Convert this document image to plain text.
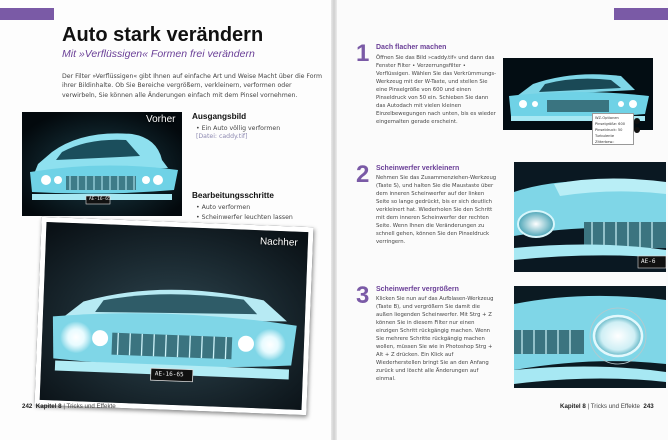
Auto stark verändern
Mit »Verflüssigen« Formen frei verändern
Der Filter »Verflüssigen« gibt Ihnen auf einfache Art und Weise Macht über die Form ihrer Bildinhalte. Ob Sie Bereiche vergrößern, verkleinern, verformen oder verwirbeln, Sie können alle Änderungen einfach mit dem Pinsel vornehmen.
Vorher
AE-16-65
Ausgangsbild
• Ein Auto völlig verformen
[Datei: caddy.tif]
Bearbeitungsschritte
• Auto verformen
• Scheinwerfer leuchten lassen
Nachher
AE-16-65
242 Kapitel 8 | Tricks und Effekte
1 Dach flacher machen
Öffnen Sie das Bild »caddy.tif« und dann das Fenster Filter • Verzerrungsfilter • Verflüssigen. Wählen Sie das Verkrümmungs-Werkzeug mit der W-Taste, und stellen Sie eine Pinselgröße von 600 und einen Pinseldruck von 50 ein. Schieben Sie dann das Autodach mit vielen kleinen Einzelbewegungen nach unten, bis es wieder eingemalten gerade erscheint.
2 Scheinwerfer verkleinern
Nehmen Sie das Zusammenziehen-Werkzeug (Taste S), und halten Sie die Maustaste über dem inneren Scheinwerfer auf der linken Seite so lange gedrückt, bis er sich deutlich verkleinert hat. Wiederholen Sie den Schritt mit dem inneren Scheinwerfer der rechten Seite. Wenn Ihnen die Veränderungen zu schnell gehen, können Sie den Pinseldruck verringern.
3 Scheinwerfer vergrößern
Klicken Sie nun auf das Aufblasen-Werkzeug (Taste B), und vergrößern Sie damit die außen liegenden Scheinwerfer. Mit Strg + Z können Sie in diesem Filter nur einen einzigen Schritt rückgängig machen. Wenn Sie mehrere Schritte rückgängig machen wollen, müssen Sie wie in Photoshop Strg + Alt + Z drücken. Ein Klick auf Wiederherstellen bringt Sie an den Anfang zurück und löscht alle Änderungen auf einmal.
WZ-Optionen
Pinselgröße: 600
Pinseldruck: 50
Turbulente Zitterbew.:
AE-6
Kapitel 8 | Tricks und Effekte 243
